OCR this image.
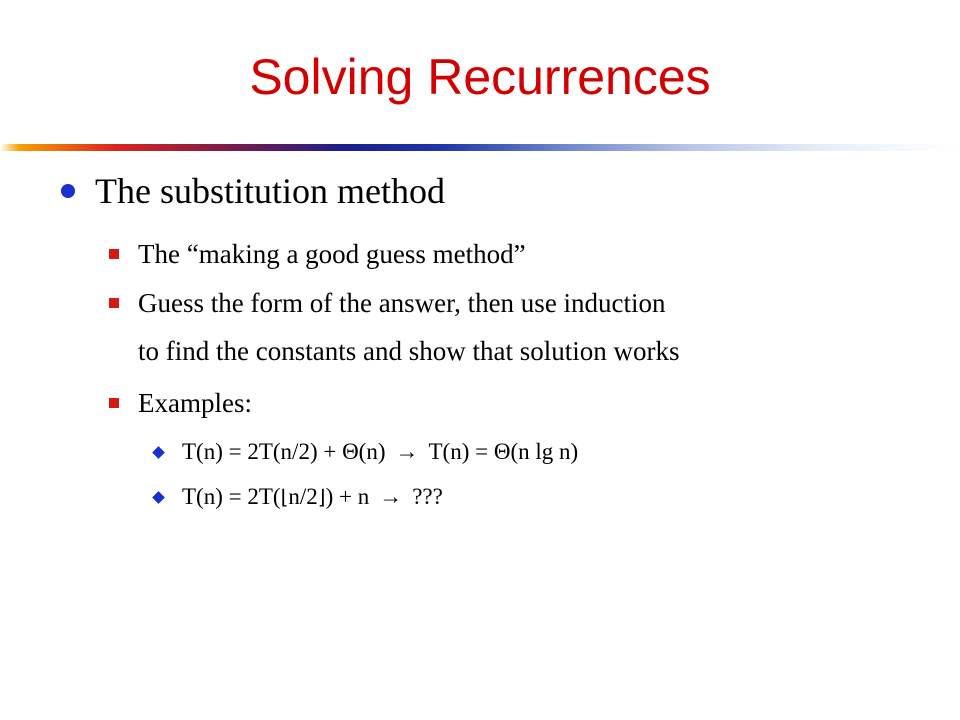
Solving Recurrences
The substitution method
The “making a good guess method”
Guess the form of the answer, then use induction
to find the constants and show that solution works
Examples:
T(n) = 2T(n/2) + Θ(n) → T(n) = Θ(n lg n)
T(n) = 2T(⌊n/2⌋) + n → ???
